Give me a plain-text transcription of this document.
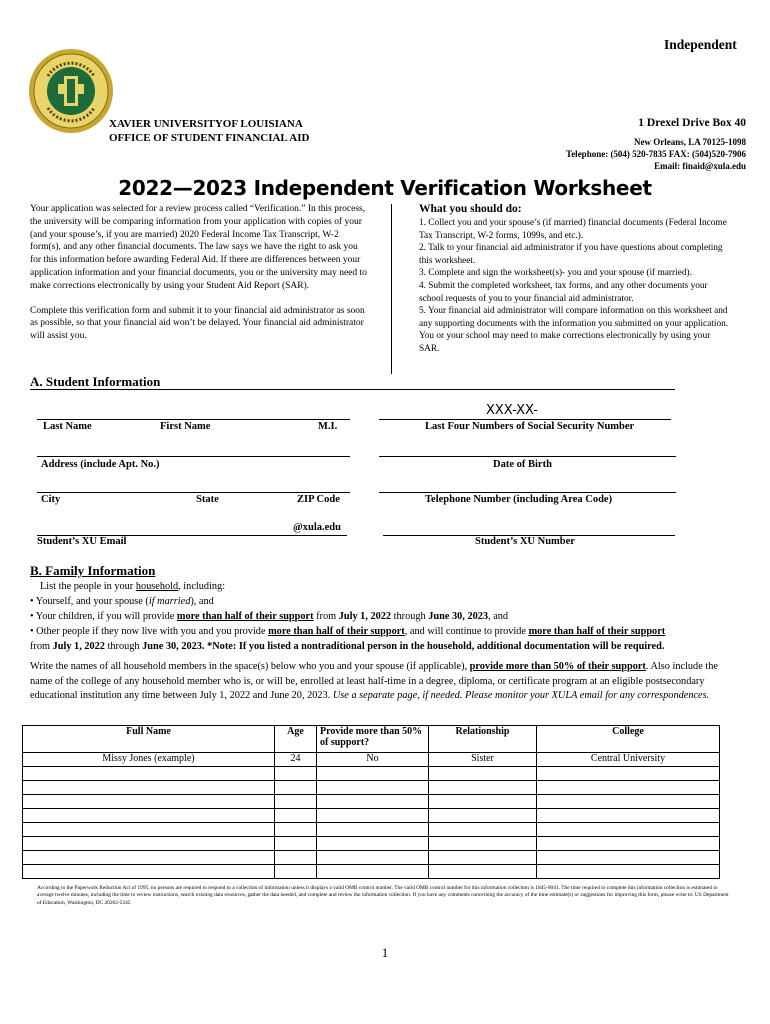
Independent
XAVIER UNIVERSITYOF LOUISIANA
OFFICE OF STUDENT FINANCIAL AID
1 Drexel Drive Box 40
New Orleans, LA 70125-1098
Telephone: (504) 520-7835 FAX: (504)520-7906
Email: finaid@xula.edu
2022—2023 Independent Verification Worksheet
Your application was selected for a review process called “Verification.” In this process, the university will be comparing information from your application with copies of your (and your spouse’s, if you are married) 2020 Federal Income Tax Transcript, W-2 form(s), and any other financial documents. The law says we have the right to ask you for this information before awarding Federal Aid. If there are differences between your application information and your financial documents, you or the university may need to make corrections electronically by using your Student Aid Report (SAR).
Complete this verification form and submit it to your financial aid administrator as soon as possible, so that your financial aid won’t be delayed. Your financial aid administrator will assist you.
What you should do:
1. Collect you and your spouse’s (if married) financial documents (Federal Income Tax Transcript, W-2 forms, 1099s, and etc.).
2. Talk to your financial aid administrator if you have questions about completing this worksheet.
3. Complete and sign the worksheet(s)- you and your spouse (if married).
4. Submit the completed worksheet, tax forms, and any other documents your school requests of you to your financial aid administrator.
5. Your financial aid administrator will compare information on this worksheet and any supporting documents with the information you submitted on your application. You or your school may need to make corrections electronically by using your SAR.
A. Student Information
XXX-XX-
Last Name	First Name	M.I.	Last Four Numbers of Social Security Number
Address (include Apt. No.)	Date of Birth
City	State	ZIP Code	Telephone Number (including Area Code)
@xula.edu
Student’s XU Email	Student’s XU Number
B. Family Information
List the people in your household, including:
• Yourself, and your spouse (if married), and
• Your children, if you will provide more than half of their support from July 1, 2022 through June 30, 2023, and
• Other people if they now live with you and you provide more than half of their support, and will continue to provide more than half of their support
from July 1, 2022 through June 30, 2023. *Note: If you listed a nontraditional person in the household, additional documentation will be required.
Write the names of all household members in the space(s) below who you and your spouse (if applicable), provide more than 50% of their support. Also include the name of the college of any household member who is, or will be, enrolled at least half-time in a degree, diploma, or certificate program at an eligible postsecondary educational institution any time between July 1, 2022 and June 20, 2023. Use a separate page, if needed. Please monitor your XULA email for any correspondences.
Full Name	Age	Provide more than 50% of support?	Relationship	College
Missy Jones (example)	24	No	Sister	Central University

According to the Paperwork Reduction Act of 1995, no persons are required to respond to a collection of information unless it displays a valid OMB control number. The valid OMB control number for this information collection is 1845-0041. The time required to complete this information collection is estimated to average twelve minutes, including the time to review instructions, search existing data resources, gather the data needed, and complete and review the information collection. If you have any comments concerning the accuracy of the time estimate(s) or suggestions for improving this form, please write to: US Department of Education, Washington, DC 20202-5345
1
